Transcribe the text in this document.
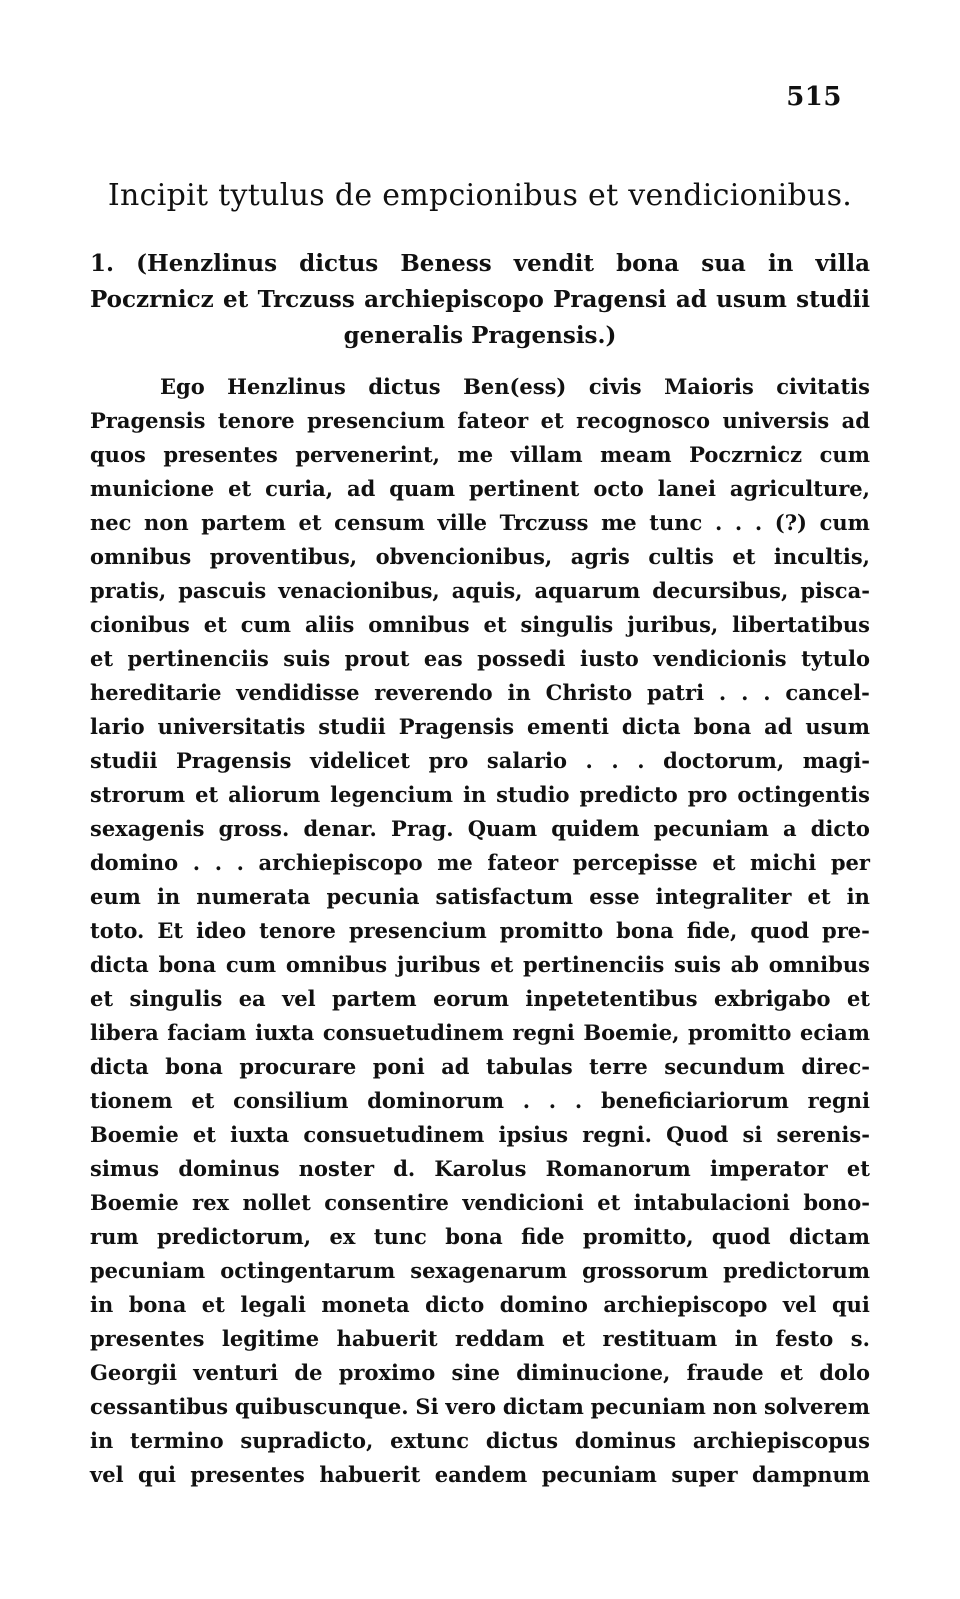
515
Incipit tytulus de empcionibus et vendicionibus.
1. (Henzlinus dictus Beness vendit bona sua in villa Poczrnicz et Trczuss archiepiscopo Pragensi ad usum studii generalis Pragensis.)
Ego Henzlinus dictus Ben(ess) civis Maioris civitatis
Pragensis tenore presencium fateor et recognosco universis ad
quos presentes pervenerint, me villam meam Poczrnicz cum
municione et curia, ad quam pertinent octo lanei agriculture,
nec non partem et censum ville Trczuss me tunc . . . (?) cum
omnibus proventibus, obvencionibus, agris cultis et incultis,
pratis, pascuis venacionibus, aquis, aquarum decursibus, pisca-
cionibus et cum aliis omnibus et singulis juribus, libertatibus
et pertinenciis suis prout eas possedi iusto vendicionis tytulo
hereditarie vendidisse reverendo in Christo patri . . . cancel-
lario universitatis studii Pragensis ementi dicta bona ad usum
studii Pragensis videlicet pro salario . . . doctorum, magi-
strorum et aliorum legencium in studio predicto pro octingentis
sexagenis gross. denar. Prag. Quam quidem pecuniam a dicto
domino . . . archiepiscopo me fateor percepisse et michi per
eum in numerata pecunia satisfactum esse integraliter et in
toto. Et ideo tenore presencium promitto bona fide, quod pre-
dicta bona cum omnibus juribus et pertinenciis suis ab omnibus
et singulis ea vel partem eorum inpetetentibus exbrigabo et
libera faciam iuxta consuetudinem regni Boemie, promitto eciam
dicta bona procurare poni ad tabulas terre secundum direc-
tionem et consilium dominorum . . . beneficiariorum regni
Boemie et iuxta consuetudinem ipsius regni. Quod si serenis-
simus dominus noster d. Karolus Romanorum imperator et
Boemie rex nollet consentire vendicioni et intabulacioni bono-
rum predictorum, ex tunc bona fide promitto, quod dictam
pecuniam octingentarum sexagenarum grossorum predictorum
in bona et legali moneta dicto domino archiepiscopo vel qui
presentes legitime habuerit reddam et restituam in festo s.
Georgii venturi de proximo sine diminucione, fraude et dolo
cessantibus quibuscunque. Si vero dictam pecuniam non solverem
in termino supradicto, extunc dictus dominus archiepiscopus
vel qui presentes habuerit eandem pecuniam super dampnum
